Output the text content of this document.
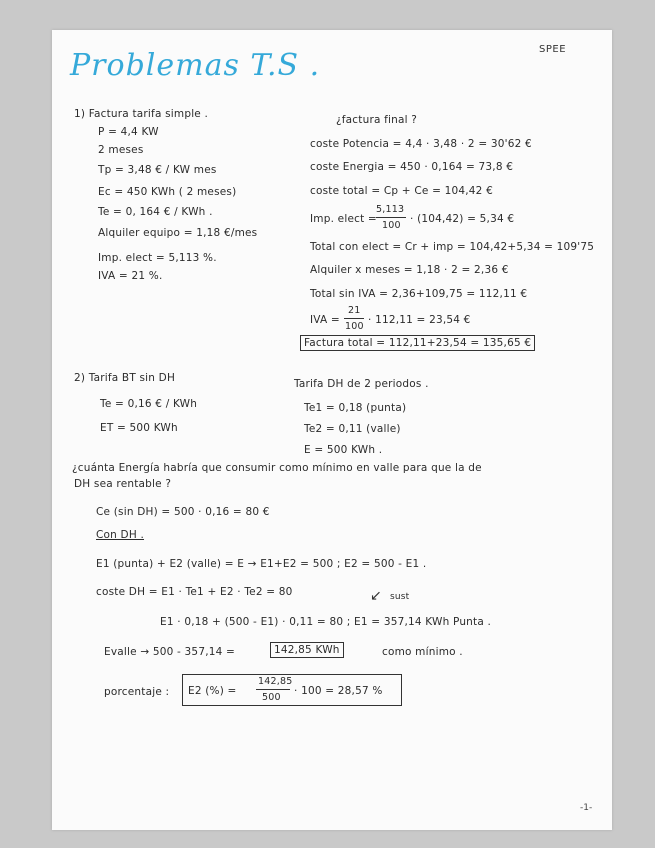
Problemas T.S .	SPEE
1) Factura tarifa simple .
P = 4,4 KW
2 meses
Tp = 3,48 € / KW mes
Ec = 450 KWh ( 2 meses)
Te = 0, 164 € / KWh .
Alquiler equipo = 1,18 €/mes
Imp. elect = 5,113 %.
IVA = 21 %.
¿factura final ?
coste Potencia = 4,4 · 3,48 · 2 = 30'62 €
coste Energia = 450 · 0,164 = 73,8 €
coste total = Cp + Ce = 104,42 €
Imp. elect =
5,113
100
· (104,42) = 5,34 €
Total con elect = Cr + imp = 104,42+5,34 = 109'75
Alquiler x meses = 1,18 · 2 = 2,36 €
Total sin IVA = 2,36+109,75 = 112,11 €
IVA =
21
100
· 112,11 = 23,54 €
Factura total = 112,11+23,54 = 135,65 €
2) Tarifa BT sin DH
Te = 0,16 € / KWh
ET = 500 KWh
Tarifa DH de 2 periodos .
Te1 = 0,18 (punta)
Te2 = 0,11 (valle)
E = 500 KWh .
¿cuánta Energía habría que consumir como mínimo en valle para que la de
DH sea rentable ?
Ce (sin DH) = 500 · 0,16 = 80 €
Con DH .
E1 (punta) + E2 (valle) = E → E1+E2 = 500 ; E2 = 500 - E1 .
coste DH = E1 · Te1 + E2 · Te2 = 80	↙ sust
E1 · 0,18 + (500 - E1) · 0,11 = 80 ; E1 = 357,14 KWh Punta .
Evalle → 500 - 357,14 =	142,85 KWh	como mínimo .
porcentaje : E2 (%) =
142,85
500
· 100 = 28,57 %
-1-
